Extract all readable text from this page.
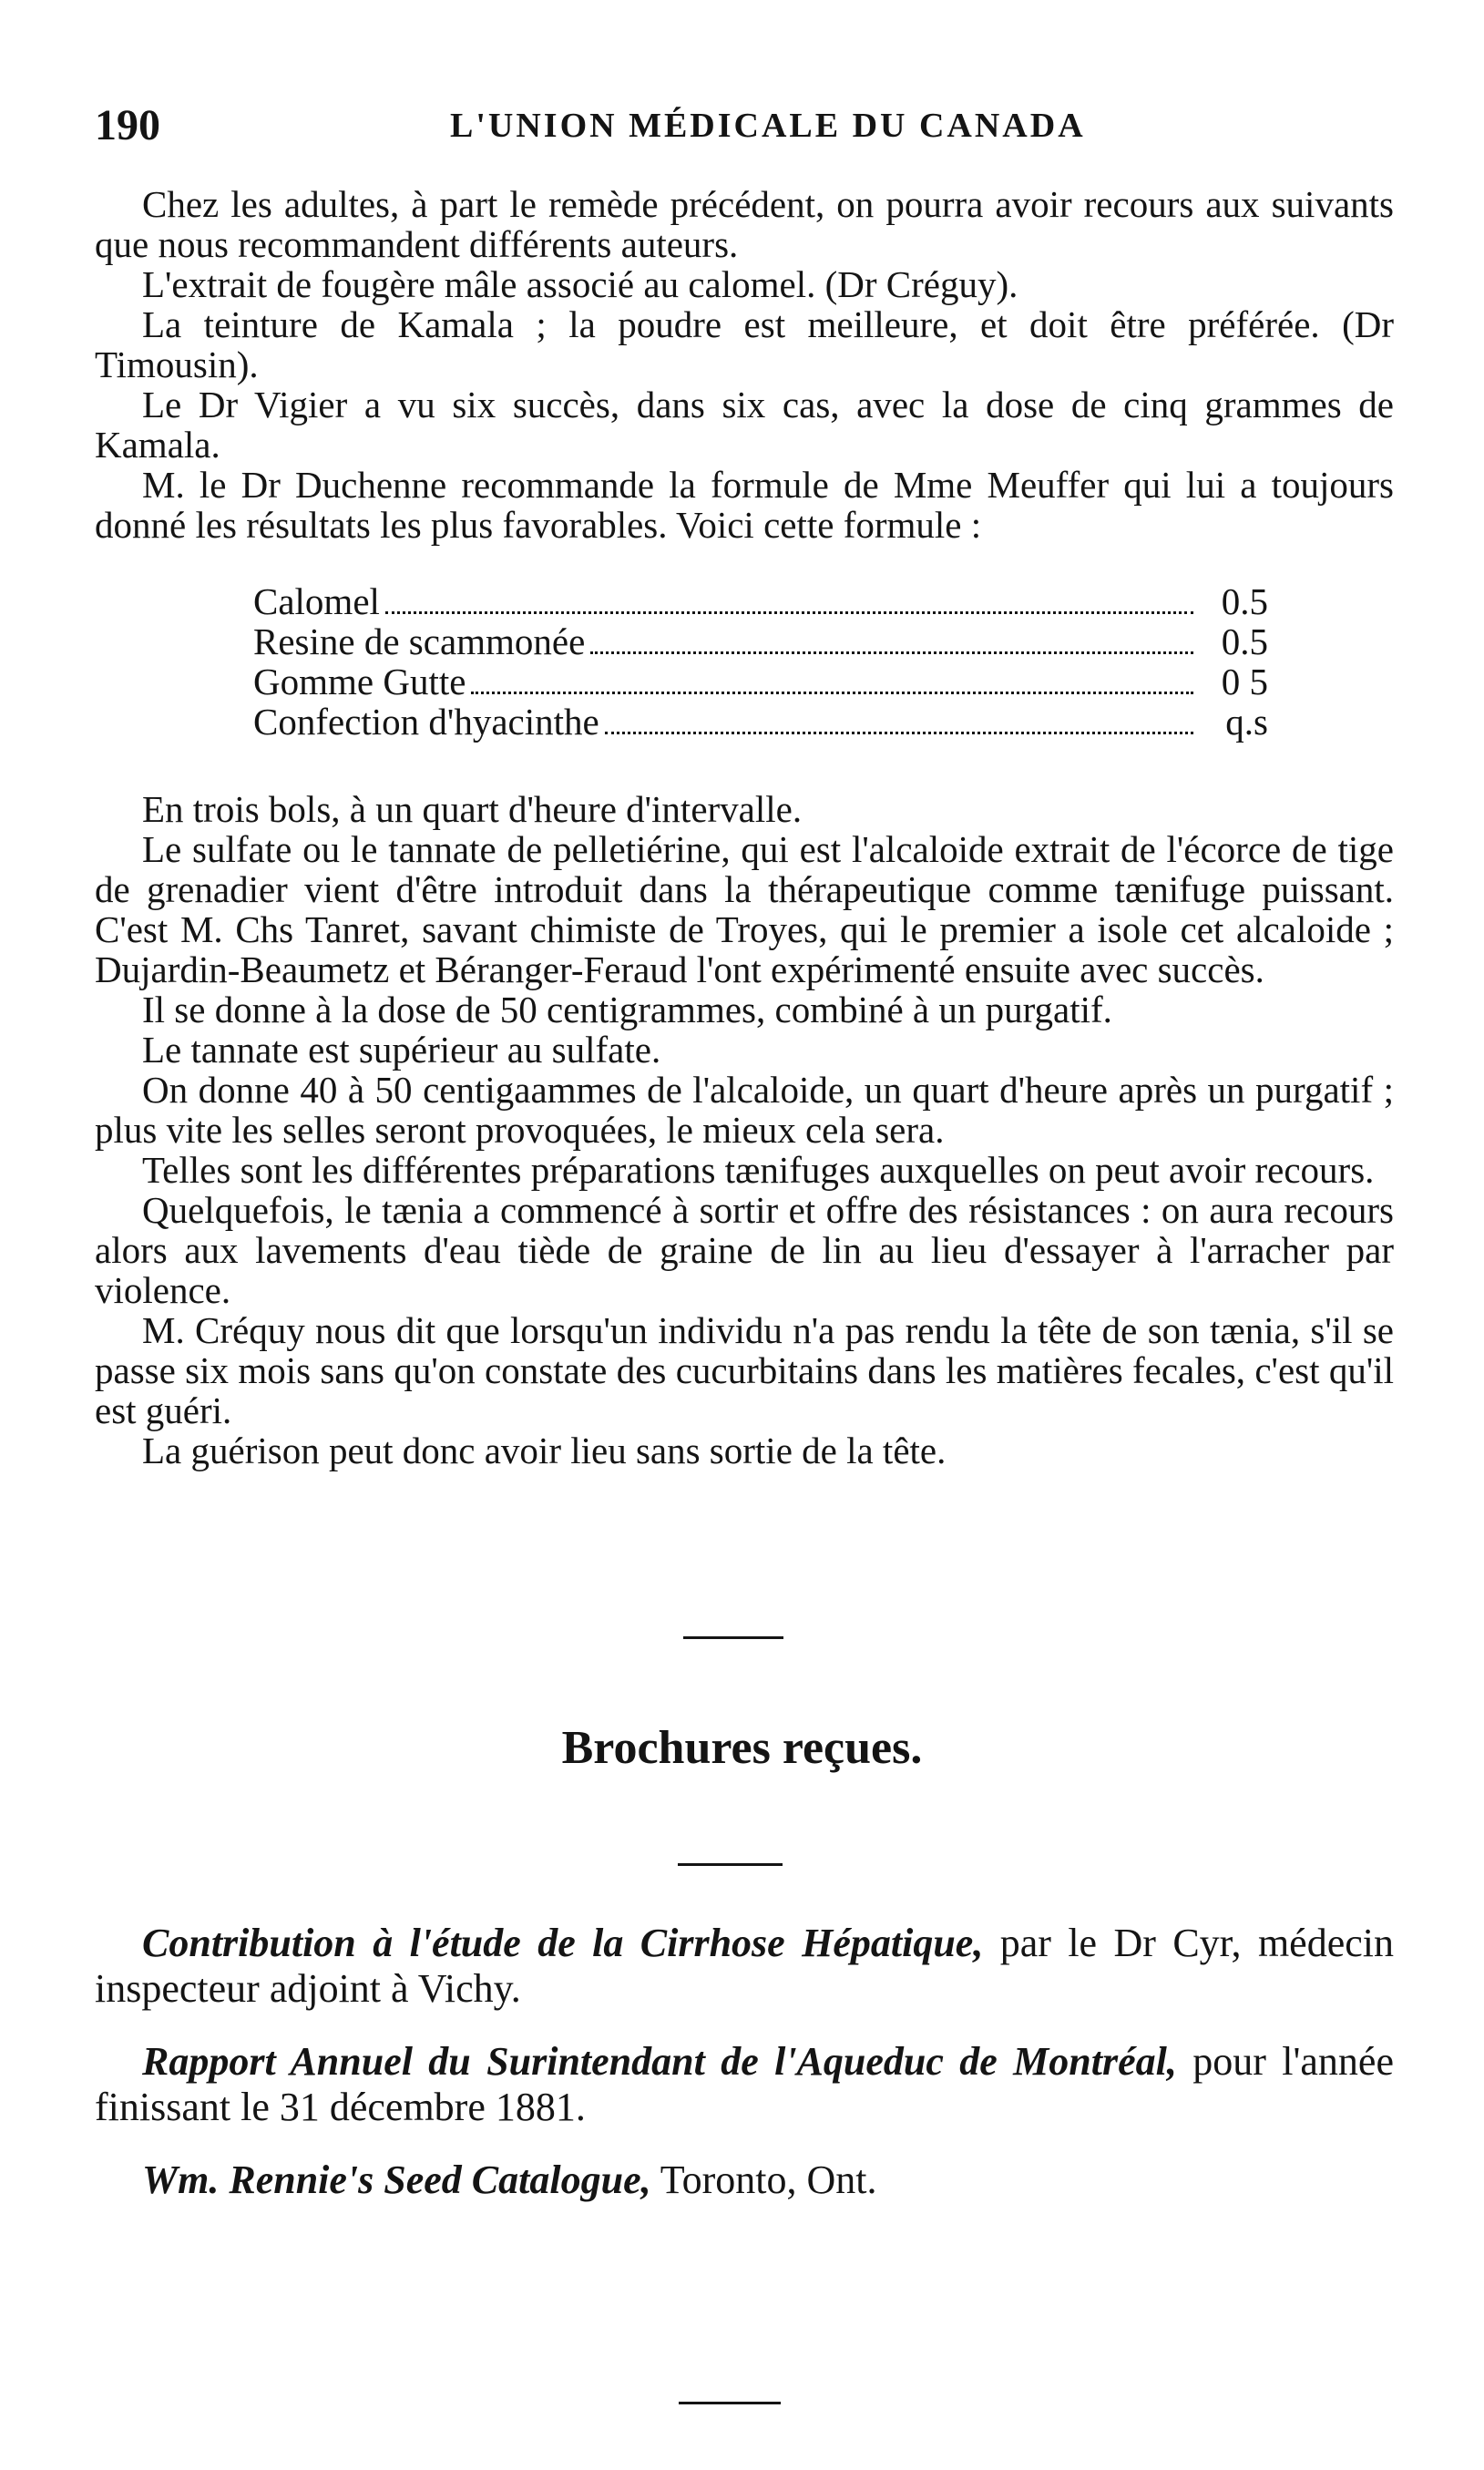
190	L'UNION MÉDICALE DU CANADA

Chez les adultes, à part le remède précédent, on pourra avoir recours aux suivants que nous recommandent différents auteurs.

L'extrait de fougère mâle associé au calomel. (Dr Créguy).

La teinture de Kamala ; la poudre est meilleure, et doit être préférée. (Dr Timousin).

Le Dr Vigier a vu six succès, dans six cas, avec la dose de cinq grammes de Kamala.

M. le Dr Duchenne recommande la formule de Mme Meuffer qui lui a toujours donné les résultats les plus favorables. Voici cette formule :

Calomel	0.5
Resine de scammonée	0.5
Gomme Gutte	0 5
Confection d'hyacinthe	q.s

En trois bols, à un quart d'heure d'intervalle.

Le sulfate ou le tannate de pelletiérine, qui est l'alcaloide extrait de l'écorce de tige de grenadier vient d'être introduit dans la thérapeutique comme tænifuge puissant. C'est M. Chs Tanret, savant chimiste de Troyes, qui le premier a isole cet alcaloide ; Dujardin-Beaumetz et Béranger-Feraud l'ont expérimenté ensuite avec succès.

Il se donne à la dose de 50 centigrammes, combiné à un purgatif.

Le tannate est supérieur au sulfate.

On donne 40 à 50 centigaammes de l'alcaloide, un quart d'heure après un purgatif ; plus vite les selles seront provoquées, le mieux cela sera.

Telles sont les différentes préparations tænifuges auxquelles on peut avoir recours.

Quelquefois, le tænia a commencé à sortir et offre des résistances : on aura recours alors aux lavements d'eau tiède de graine de lin au lieu d'essayer à l'arracher par violence.

M. Créquy nous dit que lorsqu'un individu n'a pas rendu la tête de son tænia, s'il se passe six mois sans qu'on constate des cucurbitains dans les matières fecales, c'est qu'il est guéri.

La guérison peut donc avoir lieu sans sortie de la tête.

Brochures reçues.

Contribution à l'étude de la Cirrhose Hépatique, par le Dr Cyr, médecin inspecteur adjoint à Vichy.

Rapport Annuel du Surintendant de l'Aqueduc de Montréal, pour l'année finissant le 31 décembre 1881.

Wm. Rennie's Seed Catalogue, Toronto, Ont.
